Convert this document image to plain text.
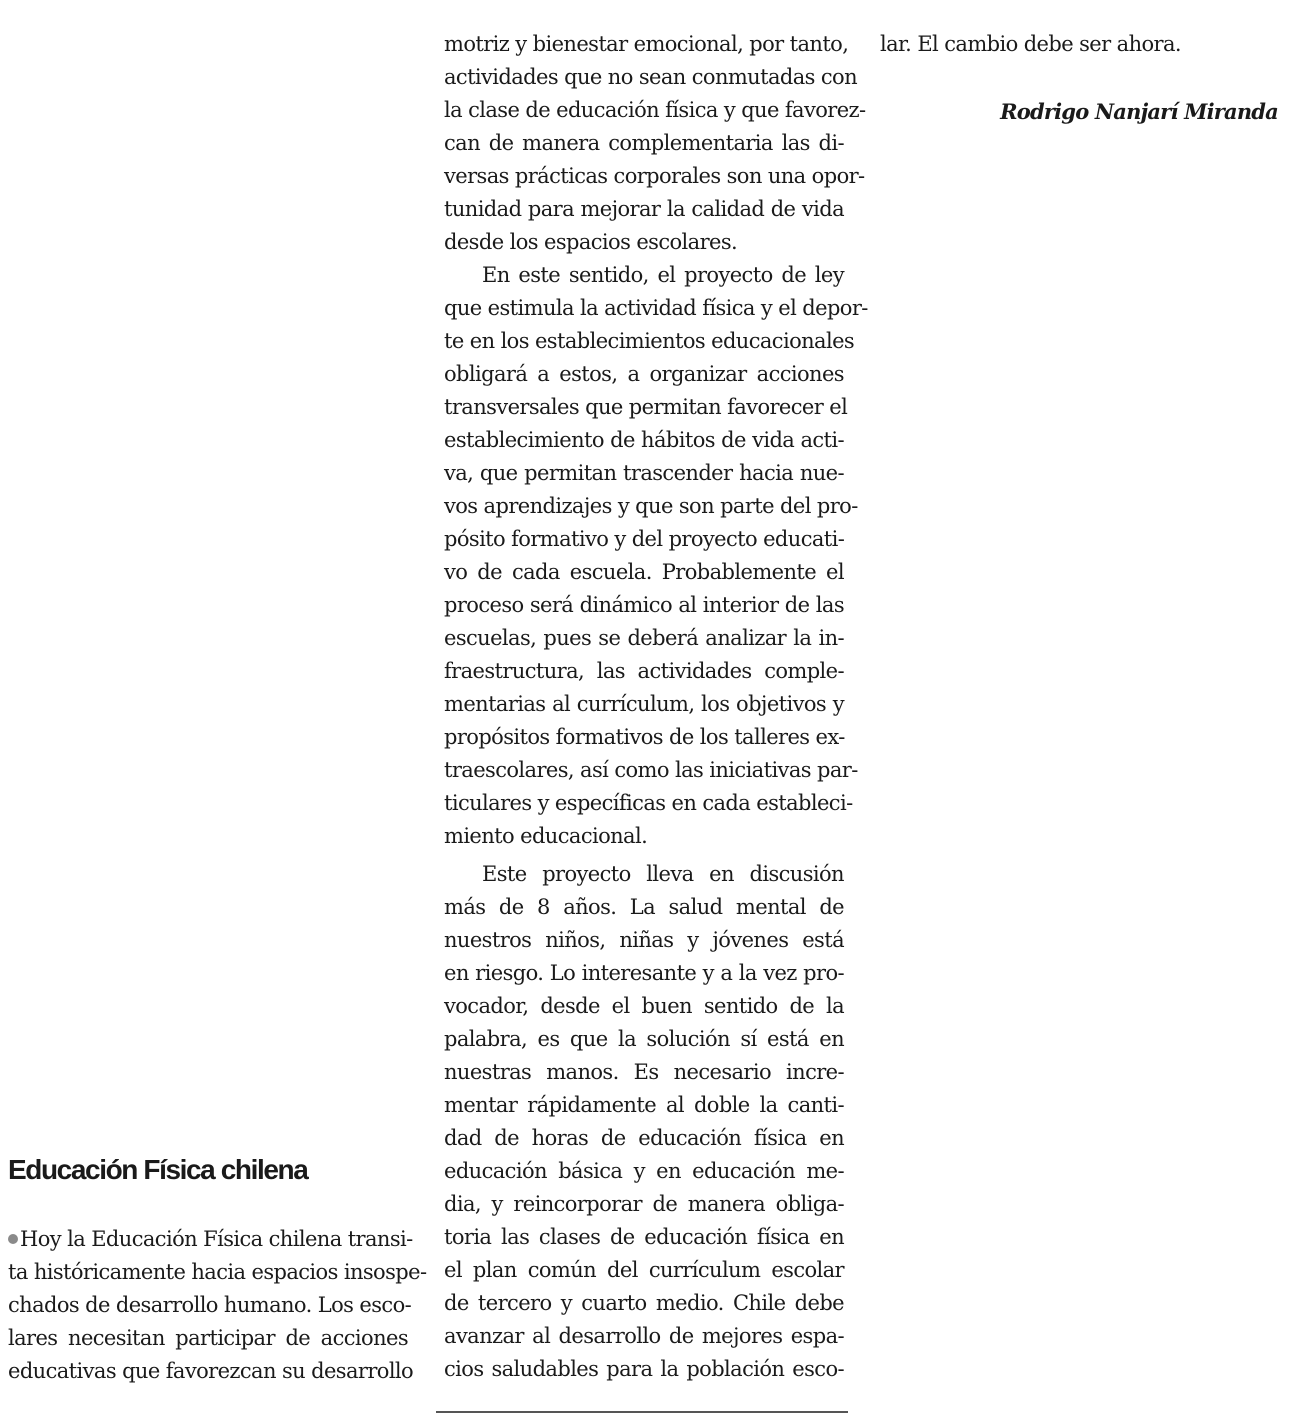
Educación Física chilena
Hoy la Educación Física chilena transi-
ta históricamente hacia espacios insospe-
chados de desarrollo humano. Los esco-
lares necesitan participar de acciones
educativas que favorezcan su desarrollo
motriz y bienestar emocional, por tanto,
actividades que no sean conmutadas con
la clase de educación física y que favorez-
can de manera complementaria las di-
versas prácticas corporales son una opor-
tunidad para mejorar la calidad de vida
desde los espacios escolares.
En este sentido, el proyecto de ley
que estimula la actividad física y el depor-
te en los establecimientos educacionales
obligará a estos, a organizar acciones
transversales que permitan favorecer el
establecimiento de hábitos de vida acti-
va, que permitan trascender hacia nue-
vos aprendizajes y que son parte del pro-
pósito formativo y del proyecto educati-
vo de cada escuela. Probablemente el
proceso será dinámico al interior de las
escuelas, pues se deberá analizar la in-
fraestructura, las actividades comple-
mentarias al currículum, los objetivos y
propósitos formativos de los talleres ex-
traescolares, así como las iniciativas par-
ticulares y específicas en cada estableci-
miento educacional.
Este proyecto lleva en discusión
más de 8 años. La salud mental de
nuestros niños, niñas y jóvenes está
en riesgo. Lo interesante y a la vez pro-
vocador, desde el buen sentido de la
palabra, es que la solución sí está en
nuestras manos. Es necesario incre-
mentar rápidamente al doble la canti-
dad de horas de educación física en
educación básica y en educación me-
dia, y reincorporar de manera obliga-
toria las clases de educación física en
el plan común del currículum escolar
de tercero y cuarto medio. Chile debe
avanzar al desarrollo de mejores espa-
cios saludables para la población esco-
lar. El cambio debe ser ahora.
Rodrigo Nanjarí Miranda
